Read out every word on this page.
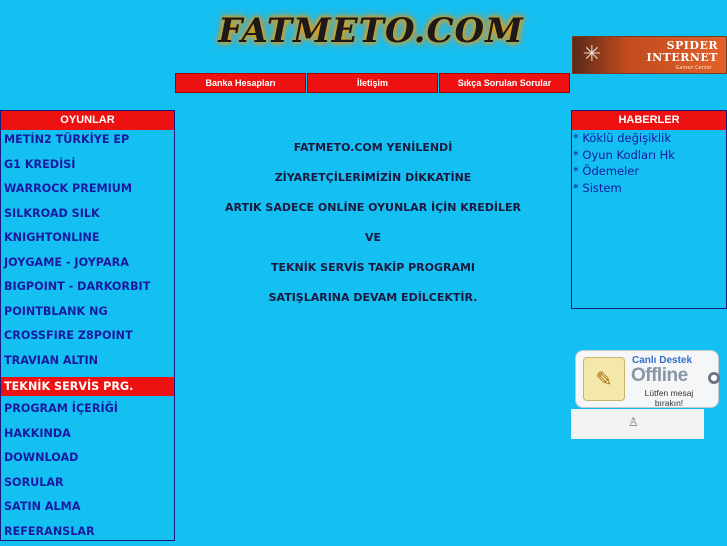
FATMETO.COM
✳	SPIDER
INTERNET
Gamen Center
Banka Hesapları	İletişim	Sıkça Sorulan Sorular
OYUNLAR
METİN2 TÜRKİYE EP
G1 KREDİSİ
WARROCK PREMIUM
SILKROAD SILK
KNIGHTONLINE
JOYGAME - JOYPARA
BIGPOINT - DARKORBIT
POINTBLANK NG
CROSSFIRE Z8POINT
TRAVIAN ALTIN
TEKNİK SERVİS PRG.
PROGRAM İÇERİĞİ
HAKKINDA
DOWNLOAD
SORULAR
SATIN ALMA
REFERANSLAR

FATMETO.COM YENİLENDİ

ZİYARETÇİLERİMİZİN DİKKATİNE

ARTIK SADECE ONLİNE OYUNLAR İÇİN KREDİLER

VE

TEKNİK SERVİS TAKİP PROGRAMI

SATIŞLARINA DEVAM EDİLCEKTİR.

HABERLER
* Köklü değişiklik
* Oyun Kodları Hk
* Ödemeler
* Sistem
✎
Canlı Destek
Offline
Lütfen mesaj
bırakın!
●
♙
